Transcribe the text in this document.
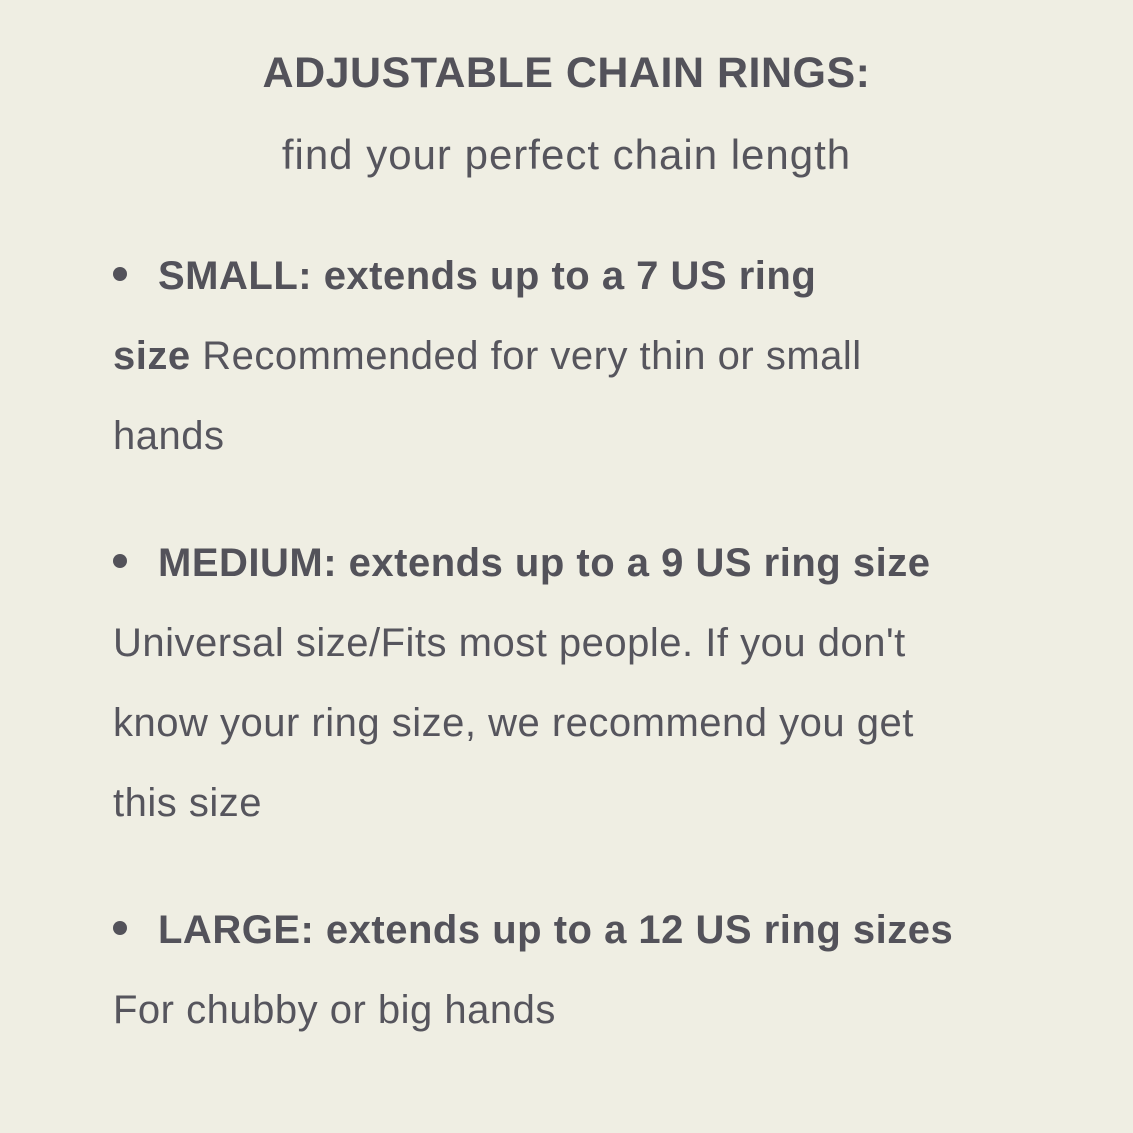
ADJUSTABLE CHAIN RINGS:
find your perfect chain length
SMALL: extends up to a 7 US ring
size Recommended for very thin or small
hands
MEDIUM: extends up to a 9 US ring size
Universal size/Fits most people. If you don't
know your ring size, we recommend you get
this size
LARGE: extends up to a 12 US ring sizes
For chubby or big hands
